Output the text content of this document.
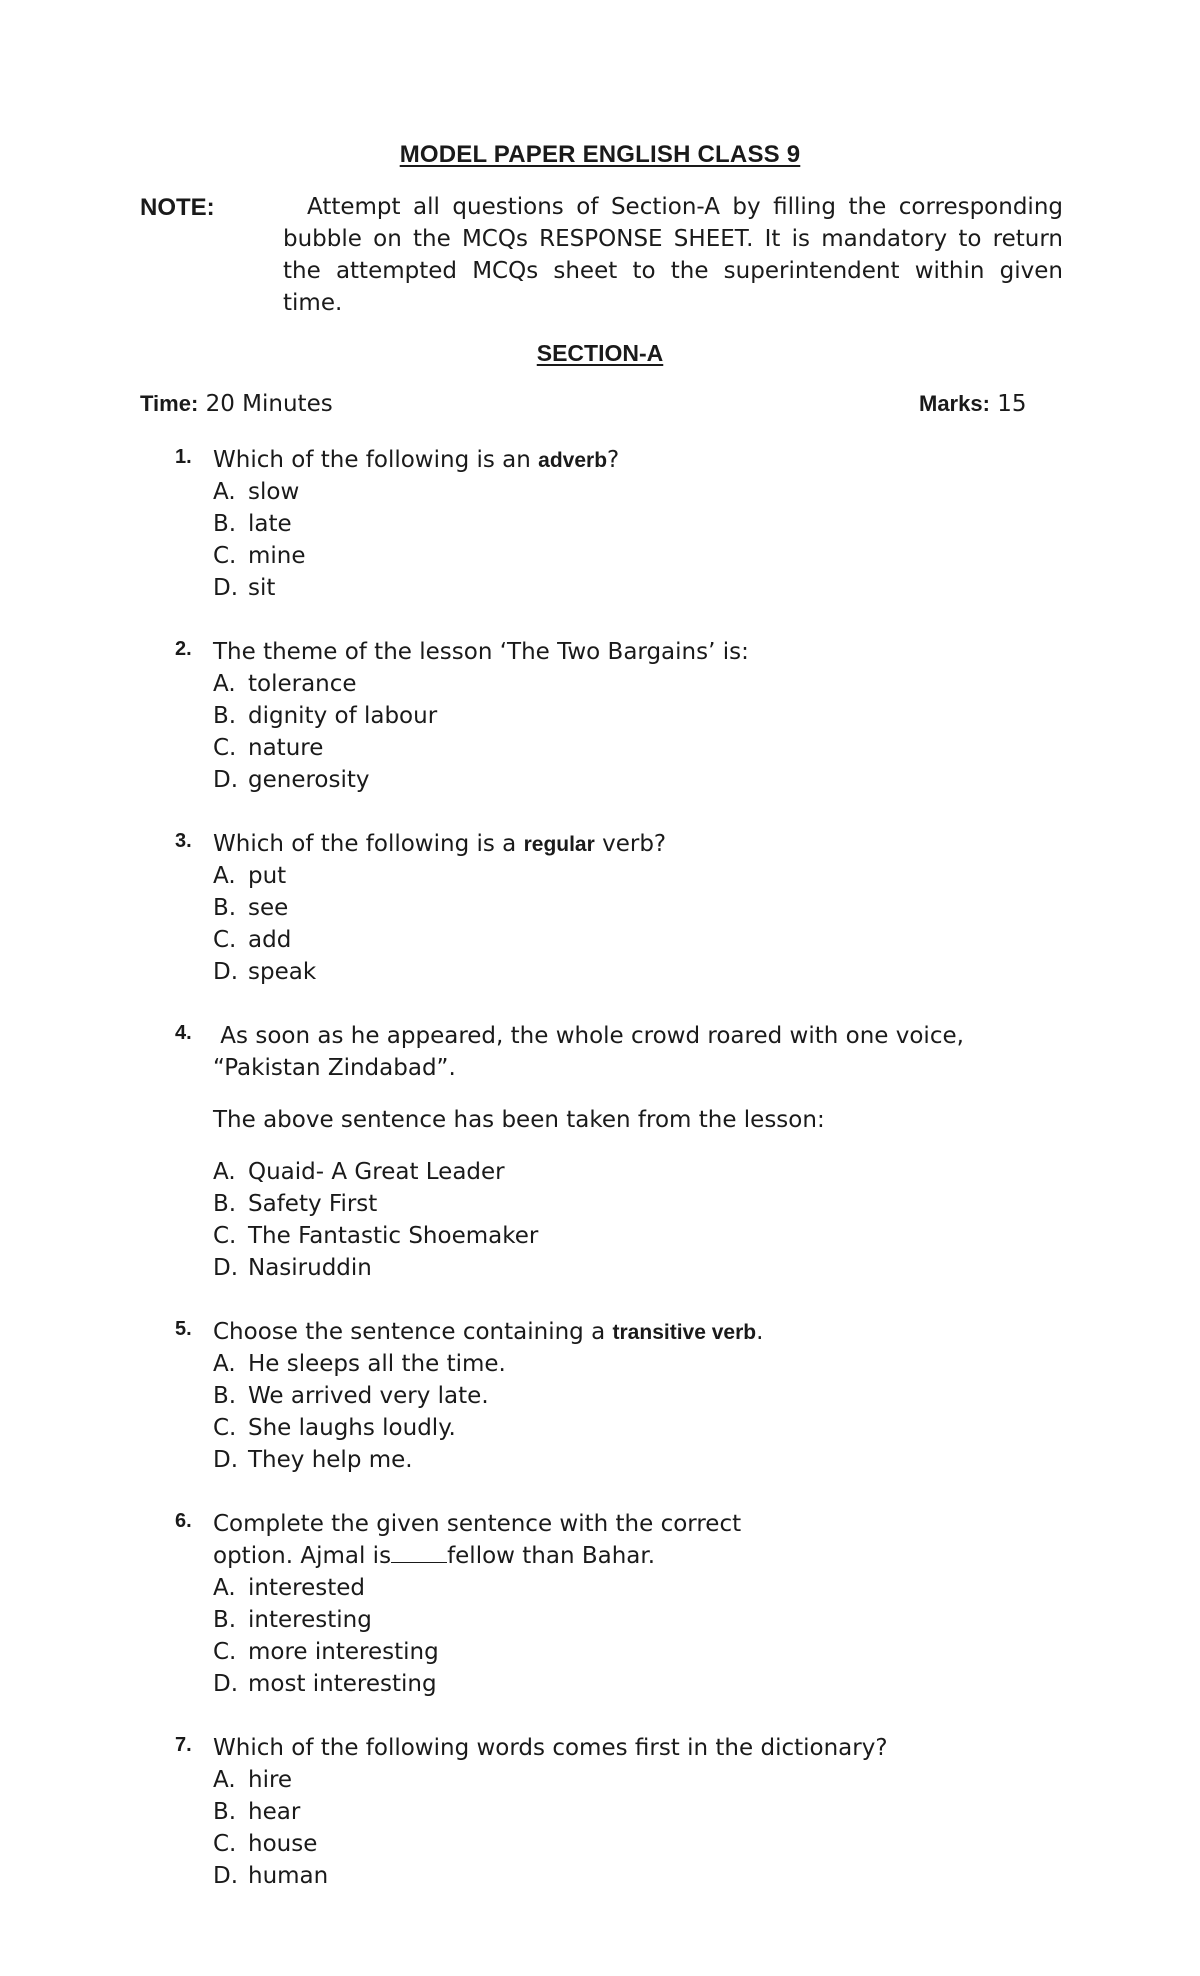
MODEL PAPER ENGLISH CLASS 9
NOTE:	Attempt all questions of Section-A by filling the corresponding bubble on the MCQs RESPONSE SHEET. It is mandatory to return the attempted MCQs sheet to the superintendent within given time.
SECTION-A
Time: 20 Minutes	Marks: 15
1. Which of the following is an adverb?
A. slow
B. late
C. mine
D. sit
2. The theme of the lesson ‘The Two Bargains’ is:
A. tolerance
B. dignity of labour
C. nature
D. generosity
3. Which of the following is a regular verb?
A. put
B. see
C. add
D. speak
4. As soon as he appeared, the whole crowd roared with one voice,
“Pakistan Zindabad”.
The above sentence has been taken from the lesson:
A. Quaid- A Great Leader
B. Safety First
C. The Fantastic Shoemaker
D. Nasiruddin
5. Choose the sentence containing a transitive verb.
A. He sleeps all the time.
B. We arrived very late.
C. She laughs loudly.
D. They help me.
6. Complete the given sentence with the correct
option. Ajmal is fellow than Bahar.
A. interested
B. interesting
C. more interesting
D. most interesting
7. Which of the following words comes first in the dictionary?
A. hire
B. hear
C. house
D. human
